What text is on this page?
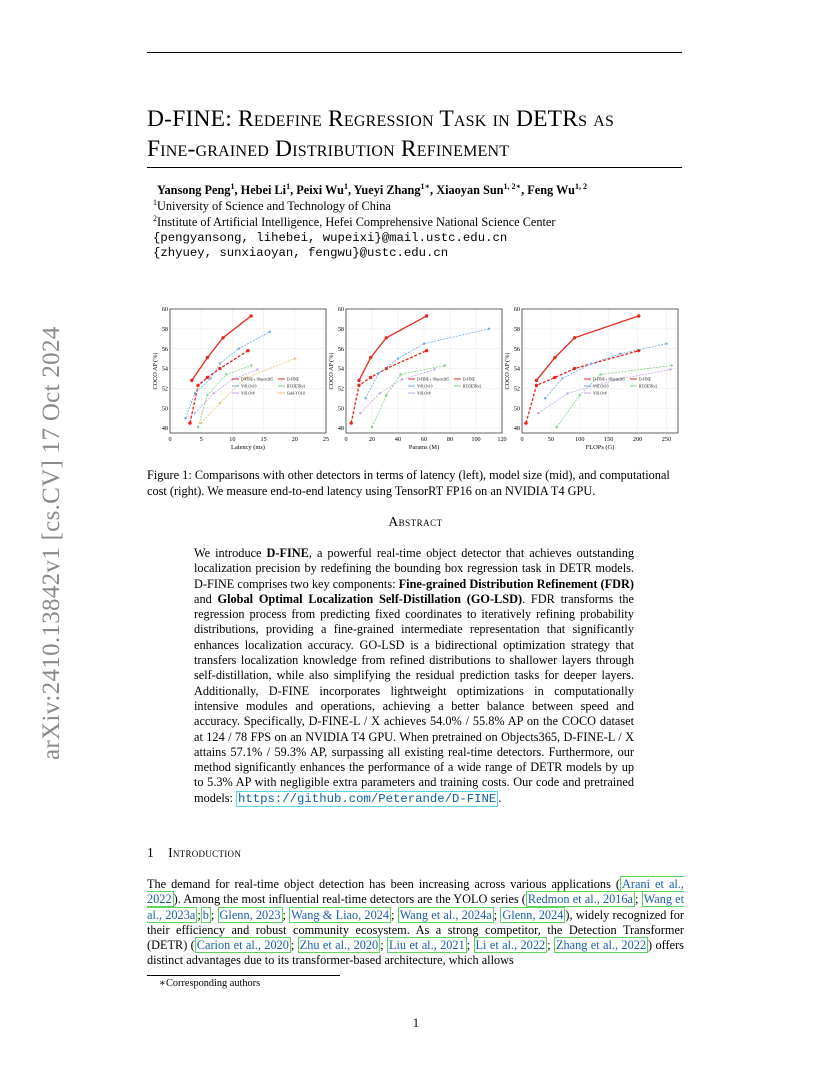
arXiv:2410.13842v1 [cs.CV] 17 Oct 2024
D-FINE: Redefine Regression Task in DETRs as
Fine-grained Distribution Refinement
Yansong Peng$^1$, Hebei Li$^1$, Peixi Wu$^1$, Yueyi Zhang$^{1∗}$, Xiaoyan Sun$^{1, 2∗}$, Feng Wu$^{1, 2}$
$^1$University of Science and Technology of China
$^2$Institute of Artificial Intelligence, Hefei Comprehensive National Science Center
{pengyansong, lihebei, wupeixi}@mail.ustc.edu.cn
{zhyuey, sunxiaoyan, fengwu}@ustc.edu.cn
48
50
52
54
56
58
60
0	5	10	15	20	25
Latency (ms)
COCO AP (%)	D-FINE + Objects365	D-FINE
YOLOv10	RT-DETRv2
YOLOv8	Gold-YOLO
48
50
52
54
56
58
60
0	20	40	60	80	100	120
Params (M)
COCO AP (%)	D-FINE + Objects365	D-FINE
YOLOv10	RT-DETRv2
YOLOv8
48
50
52
54
56
58
60
0	50	100	150	200	250
FLOPs (G)
COCO AP (%)	D-FINE + Objects365	D-FINE
YOLOv10	RT-DETRv2
YOLOv8
Figure 1: Comparisons with other detectors in terms of latency (left), model size (mid), and computational cost (right). We measure end-to-end latency using TensorRT FP16 on an NVIDIA T4 GPU.
Abstract
We introduce D-FINE, a powerful real-time object detector that achieves outstanding localization precision by redefining the bounding box regression task in DETR models. D-FINE comprises two key components: Fine-grained Distribution Refinement (FDR) and Global Optimal Localization Self-Distillation (GO-LSD). FDR transforms the regression process from predicting fixed coordinates to iteratively refining probability distributions, providing a fine-grained intermediate representation that significantly enhances localization accuracy. GO-LSD is a bidirectional optimization strategy that transfers localization knowledge from refined distributions to shallower layers through self-distillation, while also simplifying the residual prediction tasks for deeper layers. Additionally, D-FINE incorporates lightweight optimizations in computationally intensive modules and operations, achieving a better balance between speed and accuracy. Specifically, D-FINE-L / X achieves 54.0% / 55.8% AP on the COCO dataset at 124 / 78 FPS on an NVIDIA T4 GPU. When pretrained on Objects365, D-FINE-L / X attains 57.1% / 59.3% AP, surpassing all existing real-time detectors. Furthermore, our method significantly enhances the performance of a wide range of DETR models by up to 5.3% AP with negligible extra parameters and training costs. Our code and pretrained models: https://github.com/Peterande/D-FINE .
1 Introduction
The demand for real-time object detection has been increasing across various applications ( Arani et al., 2022 ). Among the most influential real-time detectors are the YOLO series ( Redmon et al., 2016a ; Wang et al., 2023a ; b ; Glenn, 2023 ; Wang & Liao, 2024 ; Wang et al., 2024a ; Glenn, 2024 ), widely recognized for their efficiency and robust community ecosystem. As a strong competitor, the Detection Transformer (DETR) ( Carion et al., 2020 ; Zhu et al., 2020 ; Liu et al., 2021 ; Li et al., 2022 ; Zhang et al., 2022 ) offers distinct advantages due to its transformer-based architecture, which allows
∗Corresponding authors
1
